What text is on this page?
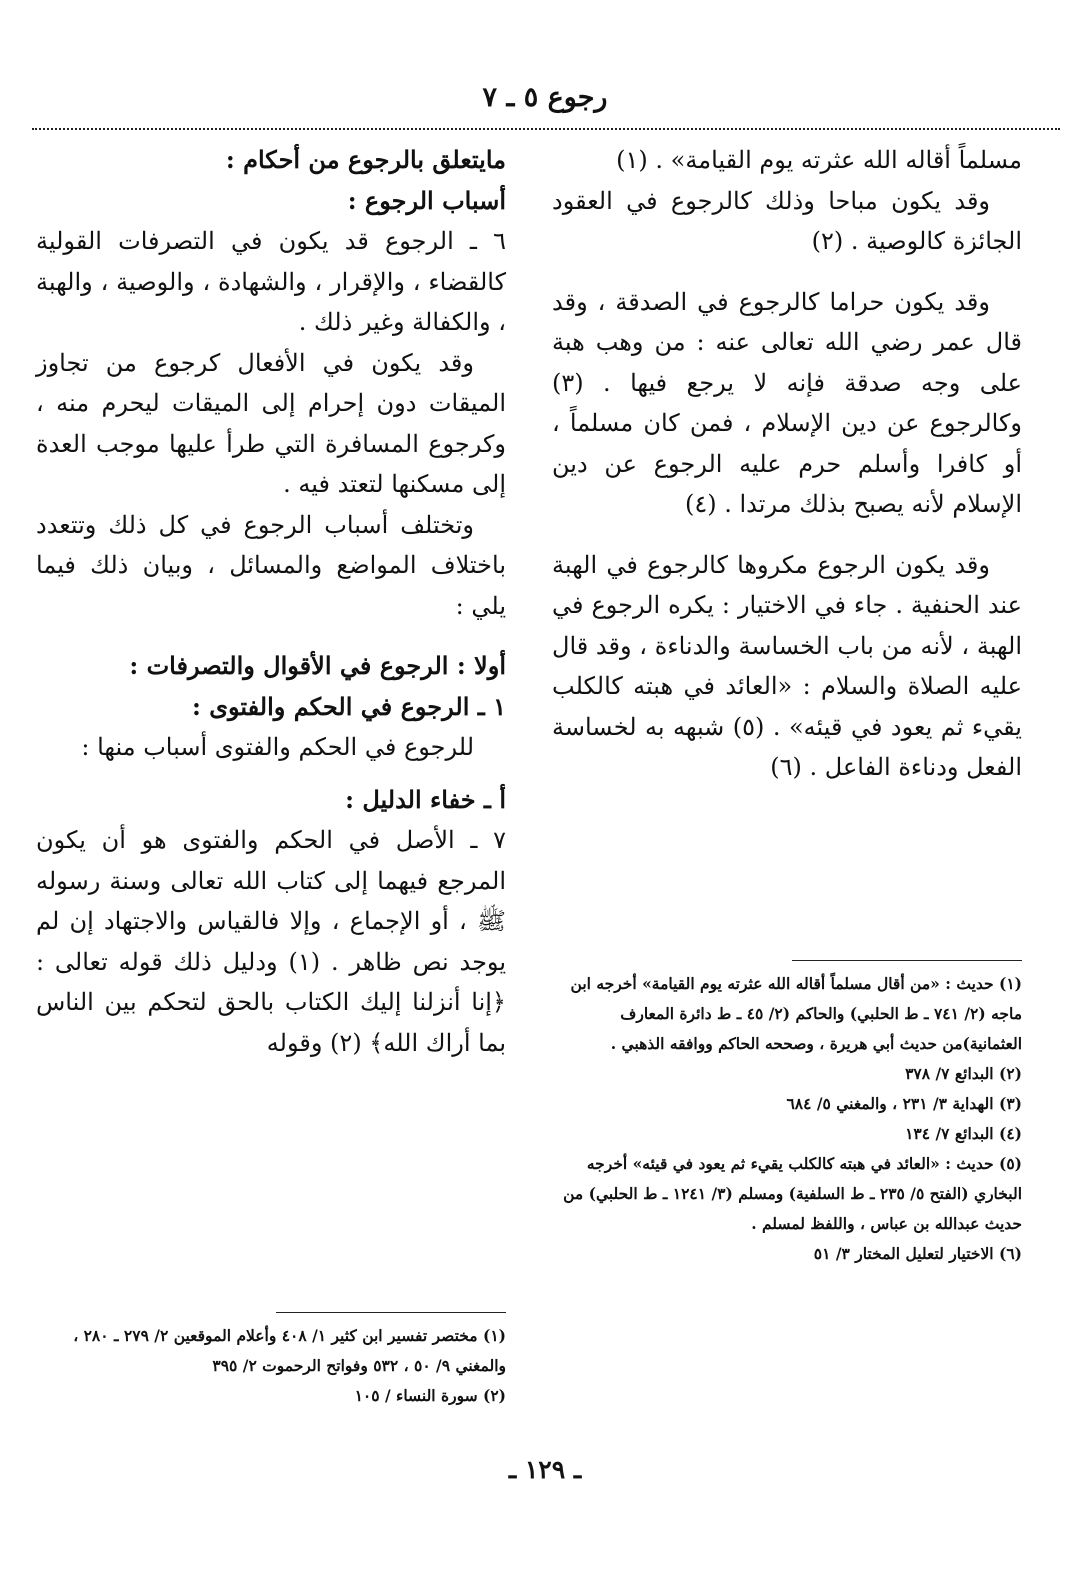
رجوع ٥ ـ ٧

مسلماً أقاله الله عثرته يوم القيامة» . (١)

وقد يكون مباحا وذلك كالرجوع في العقود الجائزة كالوصية . (٢)

وقد يكون حراما كالرجوع في الصدقة ، وقد قال عمر رضي الله تعالى عنه : من وهب هبة على وجه صدقة فإنه لا يرجع فيها . (٣) وكالرجوع عن دين الإسلام ، فمن كان مسلماً ، أو كافرا وأسلم حرم عليه الرجوع عن دين الإسلام لأنه يصبح بذلك مرتدا . (٤)

وقد يكون الرجوع مكروها كالرجوع في الهبة عند الحنفية . جاء في الاختيار : يكره الرجوع في الهبة ، لأنه من باب الخساسة والدناءة ، وقد قال عليه الصلاة والسلام : «العائد في هبته كالكلب يقيء ثم يعود في قيئه» . (٥) شبهه به لخساسة الفعل ودناءة الفاعل . (٦)

(١) حديث : «من أقال مسلماً أقاله الله عثرته يوم القيامة» أخرجه ابن ماجه (٢/ ٧٤١ ـ ط الحلبي) والحاكم (٢/ ٤٥ ـ ط دائرة المعارف العثمانية)من حديث أبي هريرة ، وصححه الحاكم ووافقه الذهبي .

(٢) البدائع ٧/ ٣٧٨

(٣) الهداية ٣/ ٢٣١ ، والمغني ٥/ ٦٨٤

(٤) البدائع ٧/ ١٣٤

(٥) حديث : «العائد في هبته كالكلب يقيء ثم يعود في قيئه» أخرجه البخاري (الفتح ٥/ ٢٣٥ ـ ط السلفية) ومسلم (٣/ ١٢٤١ ـ ط الحلبي) من حديث عبدالله بن عباس ، واللفظ لمسلم .

(٦) الاختيار لتعليل المختار ٣/ ٥١

مايتعلق بالرجوع من أحكام :

أسباب الرجوع :

٦ ـ الرجوع قد يكون في التصرفات القولية كالقضاء ، والإقرار ، والشهادة ، والوصية ، والهبة ، والكفالة وغير ذلك .

وقد يكون في الأفعال كرجوع من تجاوز الميقات دون إحرام إلى الميقات ليحرم منه ، وكرجوع المسافرة التي طرأ عليها موجب العدة إلى مسكنها لتعتد فيه .

وتختلف أسباب الرجوع في كل ذلك وتتعدد باختلاف المواضع والمسائل ، وبيان ذلك فيما يلي :

أولا : الرجوع في الأقوال والتصرفات :

١ ـ الرجوع في الحكم والفتوى :

للرجوع في الحكم والفتوى أسباب منها :

أ ـ خفاء الدليل :

٧ ـ الأصل في الحكم والفتوى هو أن يكون المرجع فيهما إلى كتاب الله تعالى وسنة رسوله ﷺ ، أو الإجماع ، وإلا فالقياس والاجتهاد إن لم يوجد نص ظاهر . (١) ودليل ذلك قوله تعالى : ﴿إنا أنزلنا إليك الكتاب بالحق لتحكم بين الناس بما أراك الله﴾ (٢) وقوله

(١) مختصر تفسير ابن كثير ١/ ٤٠٨ وأعلام الموقعين ٢/ ٢٧٩ ـ ٢٨٠ ، والمغني ٩/ ٥٠ ، ٥٣٢ وفواتح الرحموت ٢/ ٣٩٥

(٢) سورة النساء / ١٠٥

ـ ١٢٩ ـ
